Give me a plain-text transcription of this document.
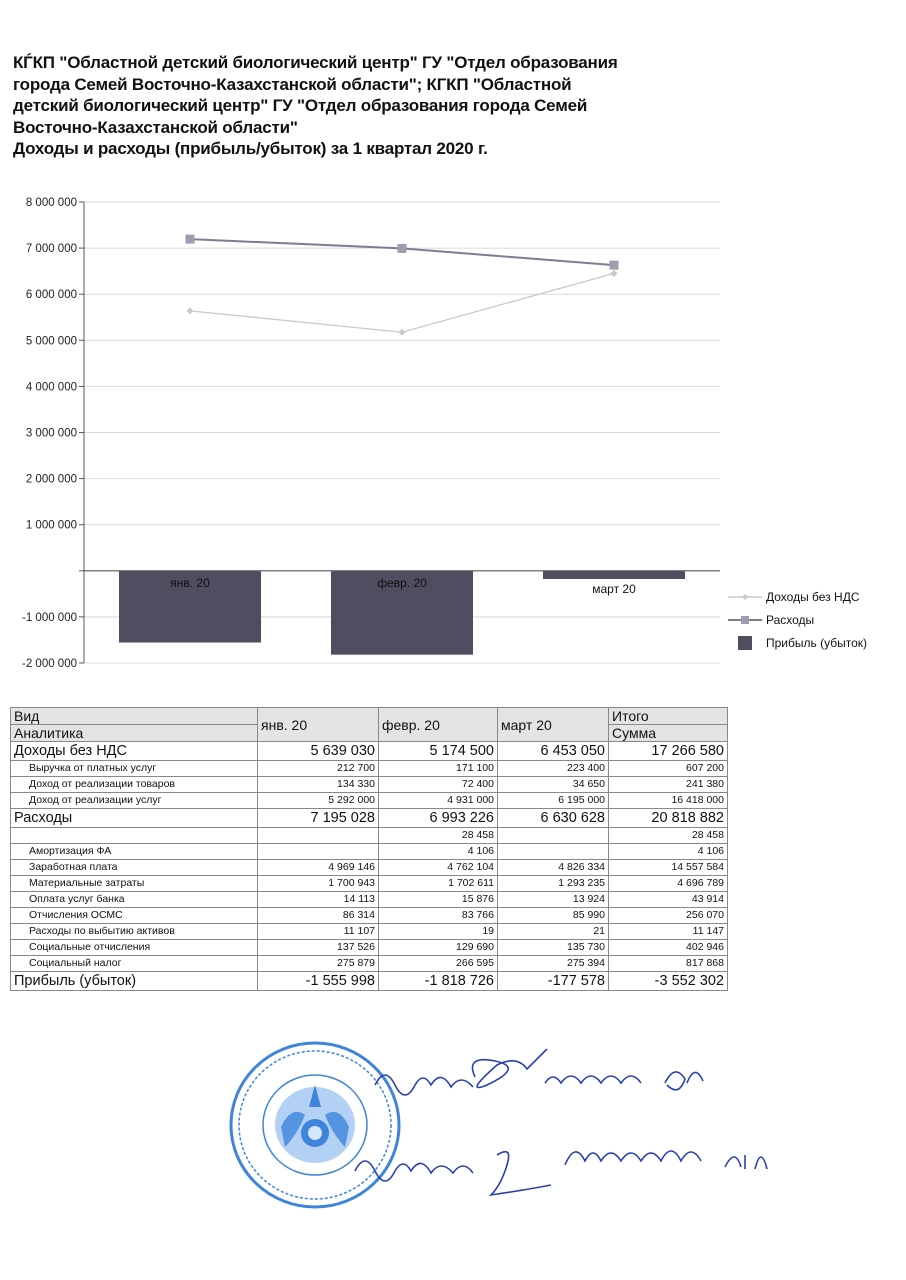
КЃКП "Областной детский биологический центр" ГУ "Отдел образования
города Семей Восточно-Казахстанской области"; КГКП "Областной
детский биологический центр" ГУ "Отдел образования города Семей
Восточно-Казахстанской области"
Доходы и расходы (прибыль/убыток) за 1 квартал 2020 г.
8 000 000
7 000 000
6 000 000
5 000 000
4 000 000
3 000 000
2 000 000
1 000 000
-1 000 000
-2 000 000
янв. 20	февр. 20	март 20
Доходы без НДС
Расходы
Прибыль (убыток)
Вид	янв. 20	февр. 20	март 20	Итого
Аналитика				Сумма
Доходы без НДС	5 639 030	5 174 500	6 453 050	17 266 580
Выручка от платных услуг	212 700	171 100	223 400	607 200
Доход от реализации товаров	134 330	72 400	34 650	241 380
Доход от реализации услуг	5 292 000	4 931 000	6 195 000	16 418 000
Расходы	7 195 028	6 993 226	6 630 628	20 818 882
		28 458		28 458
Амортизация ФА		4 106		4 106
Заработная плата	4 969 146	4 762 104	4 826 334	14 557 584
Материальные затраты	1 700 943	1 702 611	1 293 235	4 696 789
Оплата услуг банка	14 113	15 876	13 924	43 914
Отчисления ОСМС	86 314	83 766	85 990	256 070
Расходы по выбытию активов	11 107	19	21	11 147
Социальные отчисления	137 526	129 690	135 730	402 946
Социальный налог	275 879	266 595	275 394	817 868
Прибыль (убыток)	-1 555 998	-1 818 726	-177 578	-3 552 302
